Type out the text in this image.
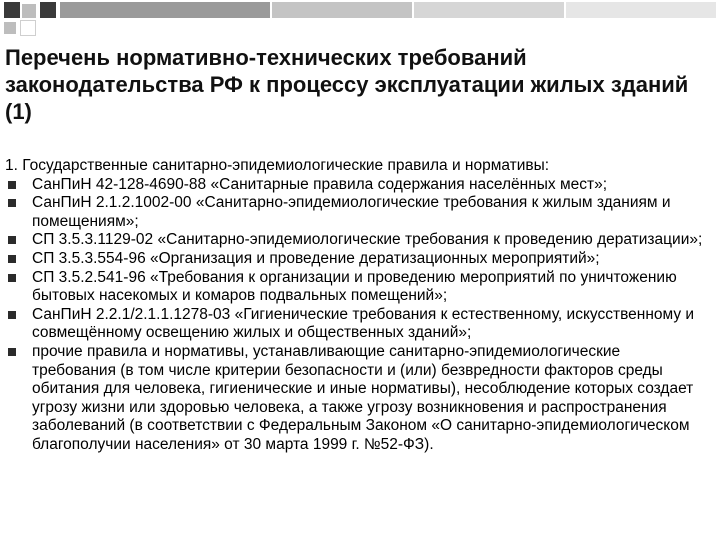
Перечень нормативно-технических требований законодательства РФ к процессу эксплуатации жилых зданий (1)

1. Государственные санитарно-эпидемиологические правила и нормативы:

СанПиН 42-128-4690-88 «Санитарные правила содержания населённых мест»;
СанПиН 2.1.2.1002-00 «Санитарно-эпидемиологические требования к жилым зданиям и помещениям»;
СП 3.5.3.1129-02 «Санитарно-эпидемиологические требования к проведению дератизации»;
СП 3.5.3.554-96 «Организация и проведение дератизационных мероприятий»;
СП 3.5.2.541-96 «Требования к организации и проведению мероприятий по уничтожению бытовых насекомых и комаров подвальных помещений»;
СанПиН 2.2.1/2.1.1.1278-03 «Гигиенические требования к естественному, искусственному и совмещённому освещению жилых и общественных зданий»;
прочие правила и нормативы, устанавливающие санитарно-эпидемиологические требования (в том числе критерии безопасности и (или) безвредности факторов среды обитания для человека, гигиенические и иные нормативы), несоблюдение которых создает угрозу жизни или здоровью человека, а также угрозу возникновения и распространения заболеваний (в соответствии с Федеральным Законом «О санитарно-эпидемиологическом благополучии населения» от 30 марта 1999 г. №52-ФЗ).
